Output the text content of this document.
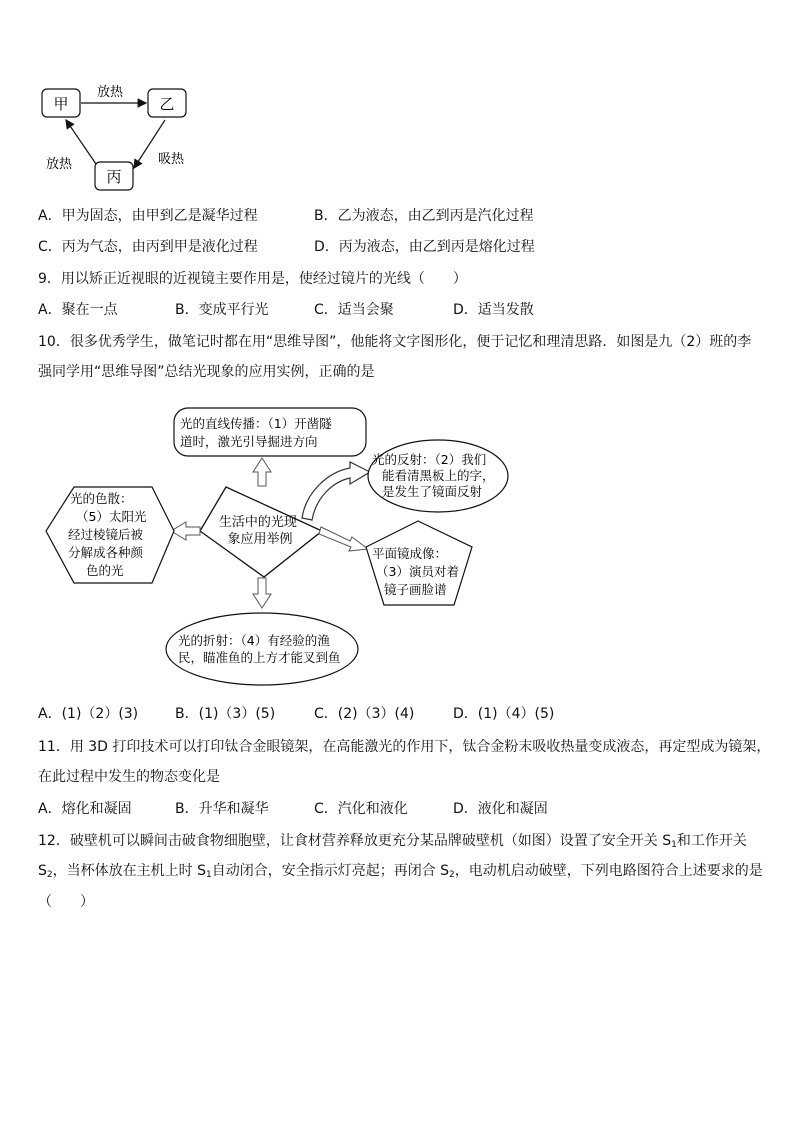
甲	乙
丙
放热
吸热
放热
A．甲为固态，由甲到乙是凝华过程	B．乙为液态，由乙到丙是汽化过程
C．丙为气态，由丙到甲是液化过程	D．丙为液态，由乙到丙是熔化过程
9．用以矫正近视眼的近视镜主要作用是，使经过镜片的光线（　　）
A．聚在一点	B．变成平行光	C．适当会聚	D．适当发散
10．很多优秀学生，做笔记时都在用“思维导图”，他能将文字图形化，便于记忆和理清思路．如图是九（2）班的李
强同学用“思维导图”总结光现象的应用实例，正确的是
生活中的光现 象应用举例
光的直线传播：（1）开凿隧 道时，激光引导掘进方向
光的反射：（2）我们 能看清黑板上的字， 是发生了镜面反射
平面镜成像： （3）演员对着 镜子画脸谱
光的折射：（4）有经验的渔 民，瞄准鱼的上方才能叉到鱼
光的色散： （5）太阳光 经过棱镜后被 分解成各种颜 色的光
A．(1)（2）(3)	B．(1)（3）(5)	C．(2)（3）(4)	D．(1)（4）(5)
11．用 3D 打印技术可以打印钛合金眼镜架，在高能激光的作用下，钛合金粉末吸收热量变成液态，再定型成为镜架，
在此过程中发生的物态变化是
A．熔化和凝固	B．升华和凝华	C．汽化和液化	D．液化和凝固
12．破壁机可以瞬间击破食物细胞壁，让食材营养释放更充分某品牌破壁机（如图）设置了安全开关 $S_1$和工作开关
$S_2$，当杯体放在主机上时 $S_1$自动闭合，安全指示灯亮起；再闭合 $S_2$，电动机启动破壁，下列电路图符合上述要求的是
（　　）
